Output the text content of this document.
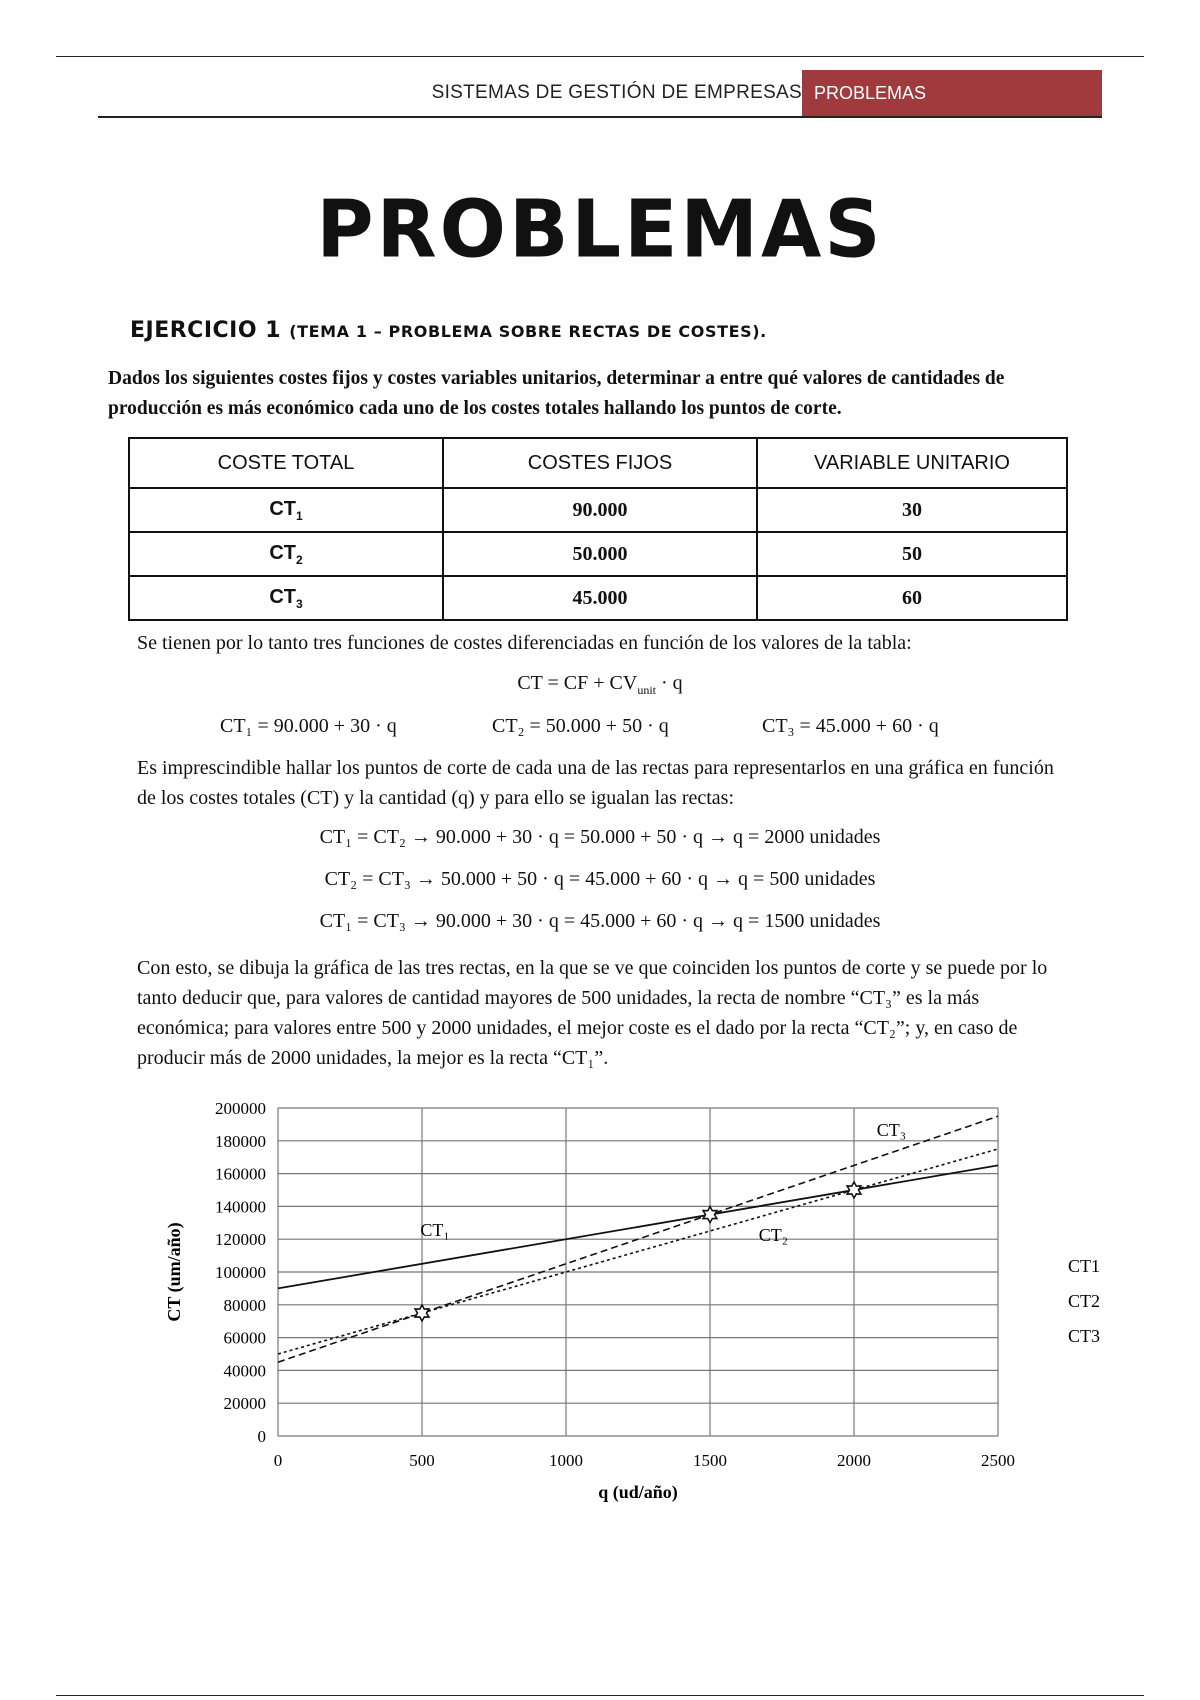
SISTEMAS DE GESTIÓN DE EMPRESAS PROBLEMAS
PROBLEMAS
EJERCICIO 1 (TEMA 1 – PROBLEMA SOBRE RECTAS DE COSTES).
Dados los siguientes costes fijos y costes variables unitarios, determinar a entre qué valores de cantidades de producción es más económico cada uno de los costes totales hallando los puntos de corte.
COSTE TOTAL	COSTES FIJOS	VARIABLE UNITARIO
$CT_1$	90.000	30
$CT_2$	50.000	50
$CT_3$	45.000	60
Se tienen por lo tanto tres funciones de costes diferenciadas en función de los valores de la tabla:
CT = CF + $CV_{unit} \cdot q$
CT₁ = 90.000 + 30 · q	CT₂ = 50.000 + 50 · q	CT₃ = 45.000 + 60 · q
Es imprescindible hallar los puntos de corte de cada una de las rectas para representarlos en una gráfica en función de los costes totales (CT) y la cantidad (q) y para ello se igualan las rectas:
CT₁ = CT₂ → 90.000 + 30 · q = 50.000 + 50 · q → q = 2000 unidades
CT₂ = CT₃ → 50.000 + 50 · q = 45.000 + 60 · q → q = 500 unidades
CT₁ = CT₃ → 90.000 + 30 · q = 45.000 + 60 · q → q = 1500 unidades
Con esto, se dibuja la gráfica de las tres rectas, en la que se ve que coinciden los puntos de corte y se puede por lo tanto deducir que, para valores de cantidad mayores de 500 unidades, la recta de nombre “CT₃” es la más económica; para valores entre 500 y 2000 unidades, el mejor coste es el dado por la recta “CT₂”; y, en caso de producir más de 2000 unidades, la mejor es la recta “CT₁”.
0
20000
40000
60000
80000
100000
120000
140000
160000
180000
200000
0	500	1000	1500	2000	2500
CT₁	CT₂
CT₃
q (ud/año)
CT (um/año)	CT1
CT2
CT3
